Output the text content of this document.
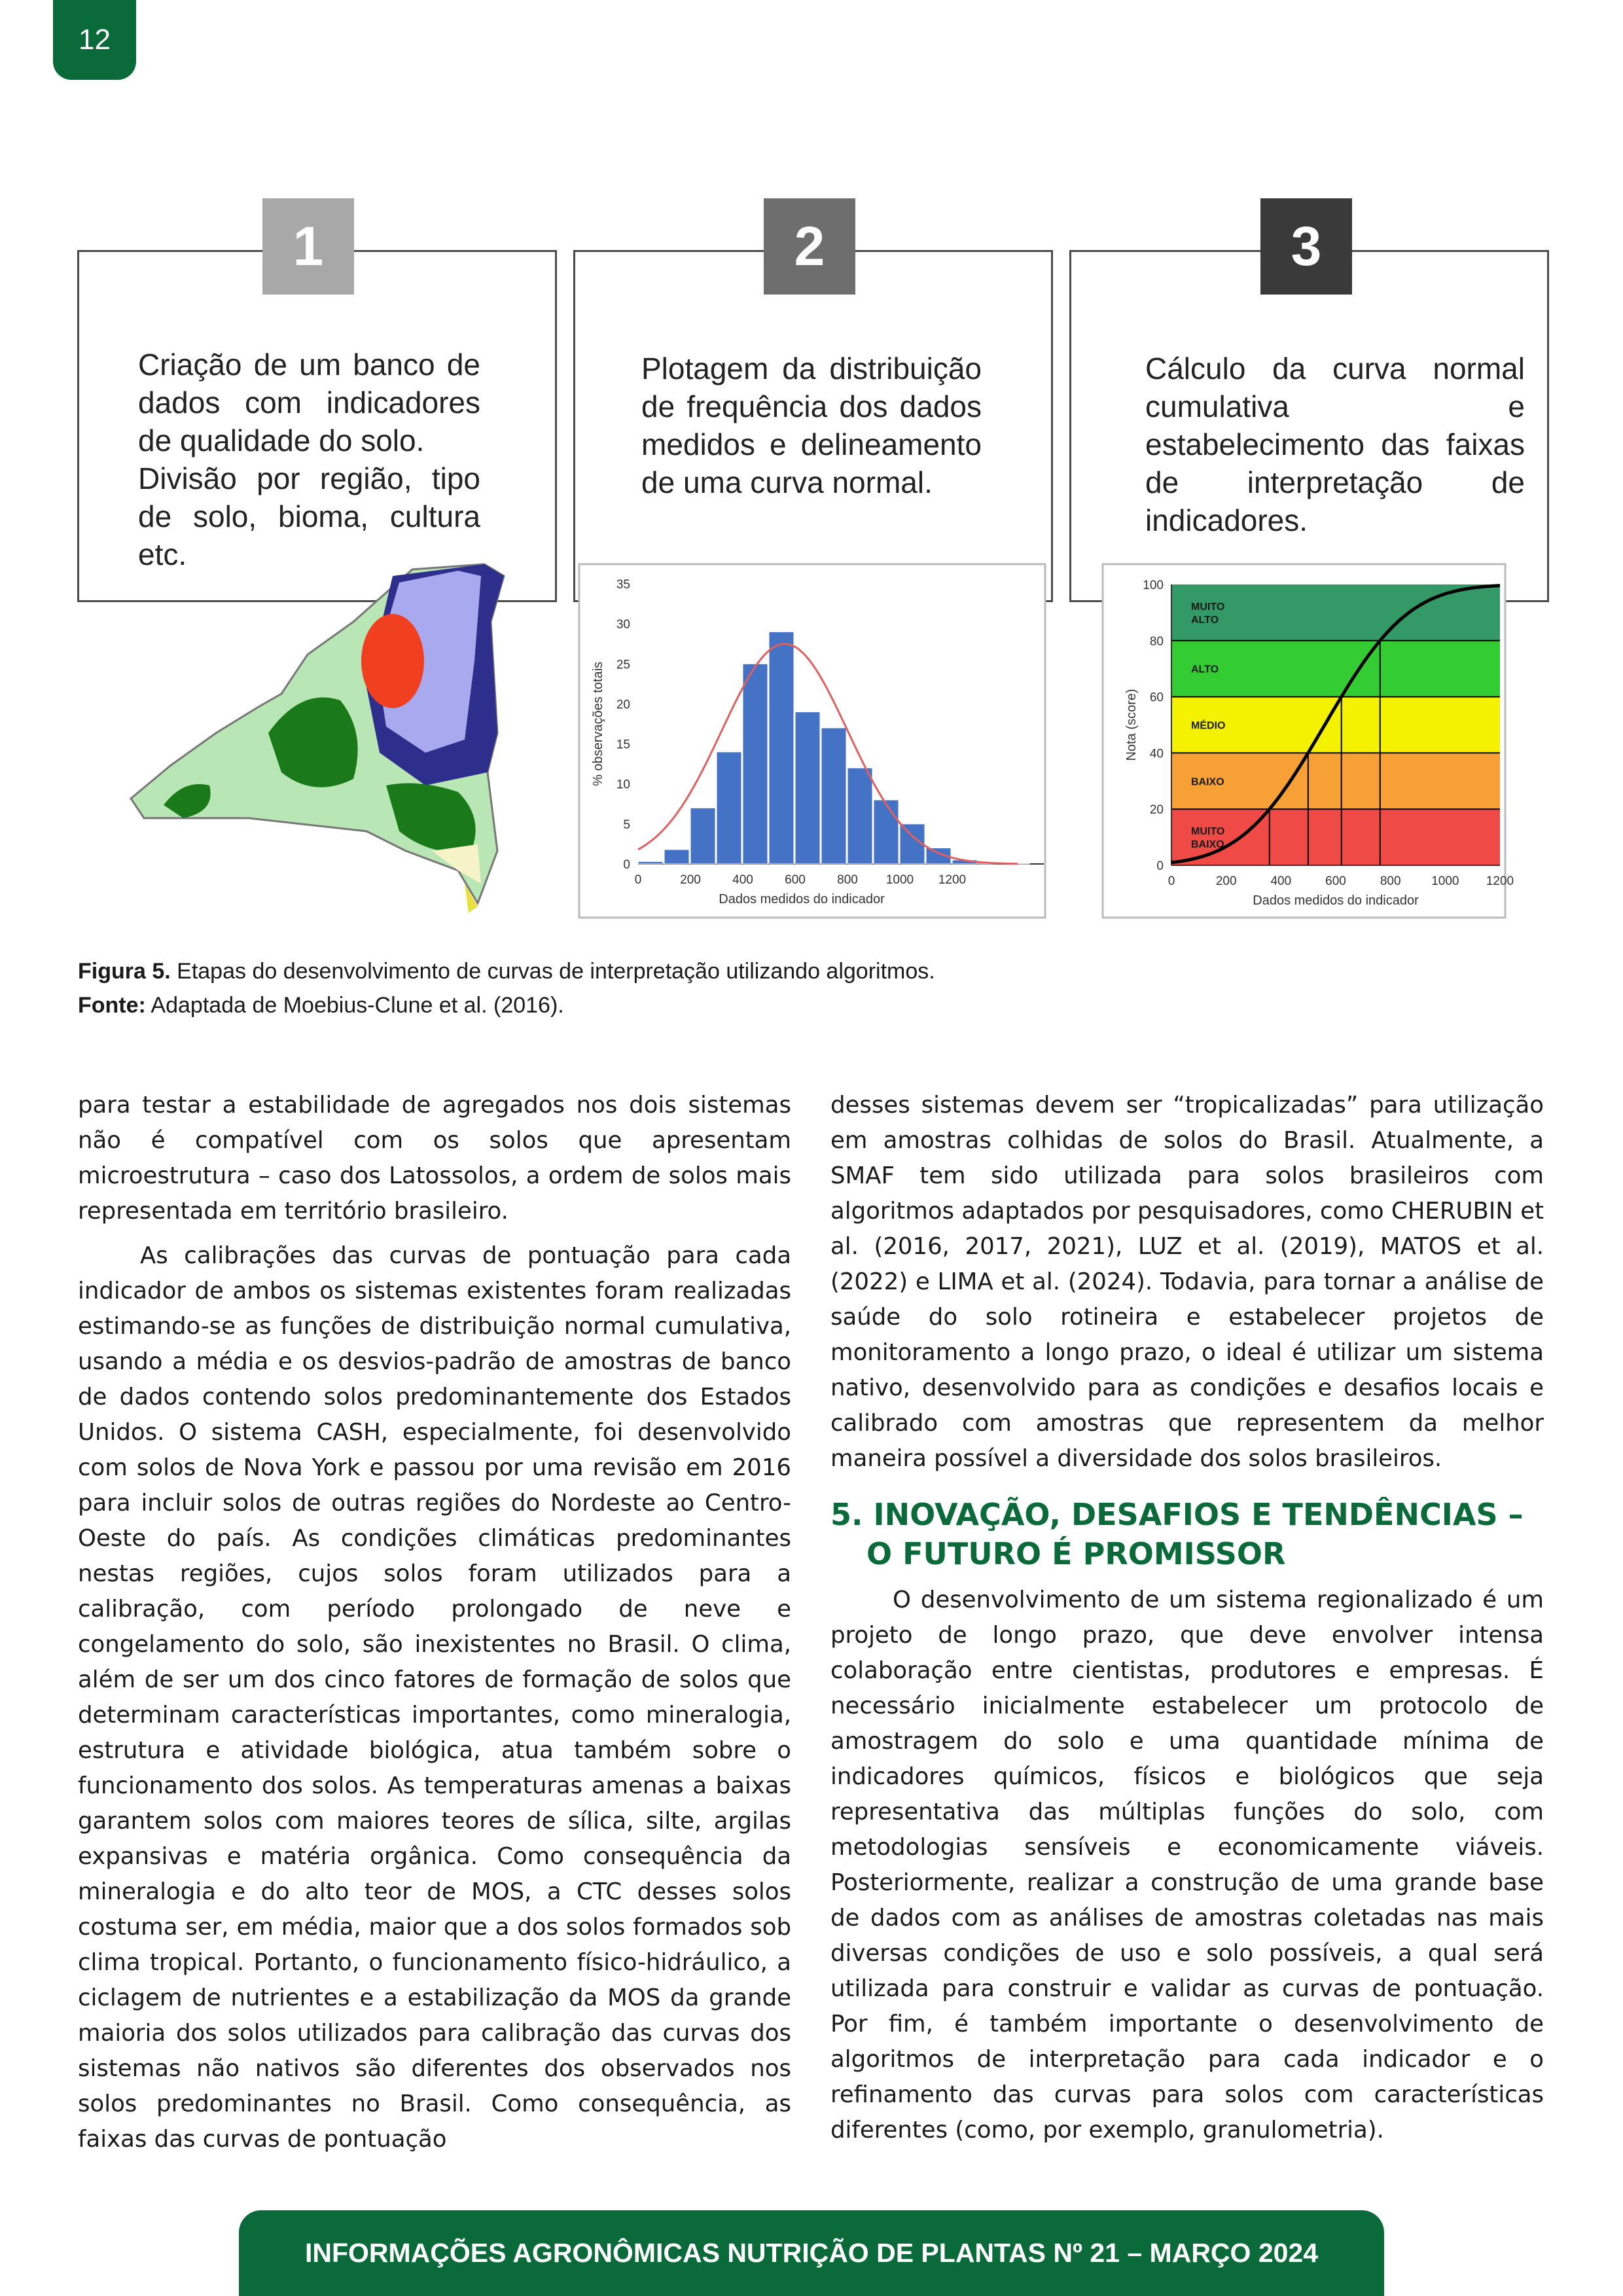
12
1	2	3
Criação de um banco de dados com indicadores de qualidade do solo.
Divisão por região, tipo de solo, bioma, cultura etc.
Plotagem da distribuição de frequência dos dados medidos e delineamento de uma curva normal.
Cálculo da curva normal cumulativa e estabelecimento das faixas de interpretação de indicadores.
0
5
10
15
20
25
30
35
0	200	400	600	800 1000 1200
Dados medidos do indicador
% observações totais
MUITO
BAIXO
BAIXO
MÉDIO
ALTO
MUITO
ALTO
0
20
40
60
80
100
0	200	400	600	800 1000 1200
Dados medidos do indicador
Nota (score)
Figura 5. Etapas do desenvolvimento de curvas de interpretação utilizando algoritmos.
Fonte: Adaptada de Moebius-Clune et al. (2016).

para testar a estabilidade de agregados nos dois sistemas não é compatível com os solos que apresentam microestrutura – caso dos Latossolos, a ordem de solos mais representada em território brasileiro.

As calibrações das curvas de pontuação para cada indicador de ambos os sistemas existentes foram realizadas estimando-se as funções de distribuição normal cumulativa, usando a média e os desvios-padrão de amostras de banco de dados contendo solos predominantemente dos Estados Unidos. O sistema CASH, especialmente, foi desenvolvido com solos de Nova York e passou por uma revisão em 2016 para incluir solos de outras regiões do Nordeste ao Centro-Oeste do país. As condições climáticas predominantes nestas regiões, cujos solos foram utilizados para a calibração, com período prolongado de neve e congelamento do solo, são inexistentes no Brasil. O clima, além de ser um dos cinco fatores de formação de solos que determinam características importantes, como mineralogia, estrutura e atividade biológica, atua também sobre o funcionamento dos solos. As temperaturas amenas a baixas garantem solos com maiores teores de sílica, silte, argilas expansivas e matéria orgânica. Como consequência da mineralogia e do alto teor de MOS, a CTC desses solos costuma ser, em média, maior que a dos solos formados sob clima tropical. Portanto, o funcionamento físico-hidráulico, a ciclagem de nutrientes e a estabilização da MOS da grande maioria dos solos utilizados para calibração das curvas dos sistemas não nativos são diferentes dos observados nos solos predominantes no Brasil. Como consequência, as faixas das curvas de pontuação

desses sistemas devem ser “tropicalizadas” para utilização em amostras colhidas de solos do Brasil. Atualmente, a SMAF tem sido utilizada para solos brasileiros com algoritmos adaptados por pesquisadores, como CHERUBIN et al. (2016, 2017, 2021), LUZ et al. (2019), MATOS et al. (2022) e LIMA et al. (2024). Todavia, para tornar a análise de saúde do solo rotineira e estabelecer projetos de monitoramento a longo prazo, o ideal é utilizar um sistema nativo, desenvolvido para as condições e desafios locais e calibrado com amostras que representem da melhor maneira possível a diversidade dos solos brasileiros.

5. INOVAÇÃO, DESAFIOS E TENDÊNCIAS –
O FUTURO É PROMISSOR

O desenvolvimento de um sistema regionalizado é um projeto de longo prazo, que deve envolver intensa colaboração entre cientistas, produtores e empresas. É necessário inicialmente estabelecer um protocolo de amostragem do solo e uma quantidade mínima de indicadores químicos, físicos e biológicos que seja representativa das múltiplas funções do solo, com metodologias sensíveis e economicamente viáveis. Posteriormente, realizar a construção de uma grande base de dados com as análises de amostras coletadas nas mais diversas condições de uso e solo possíveis, a qual será utilizada para construir e validar as curvas de pontuação. Por fim, é também importante o desenvolvimento de algoritmos de interpretação para cada indicador e o refinamento das curvas para solos com características diferentes (como, por exemplo, granulometria).

INFORMAÇÕES AGRONÔMICAS NUTRIÇÃO DE PLANTAS Nº 21 – MARÇO 2024
